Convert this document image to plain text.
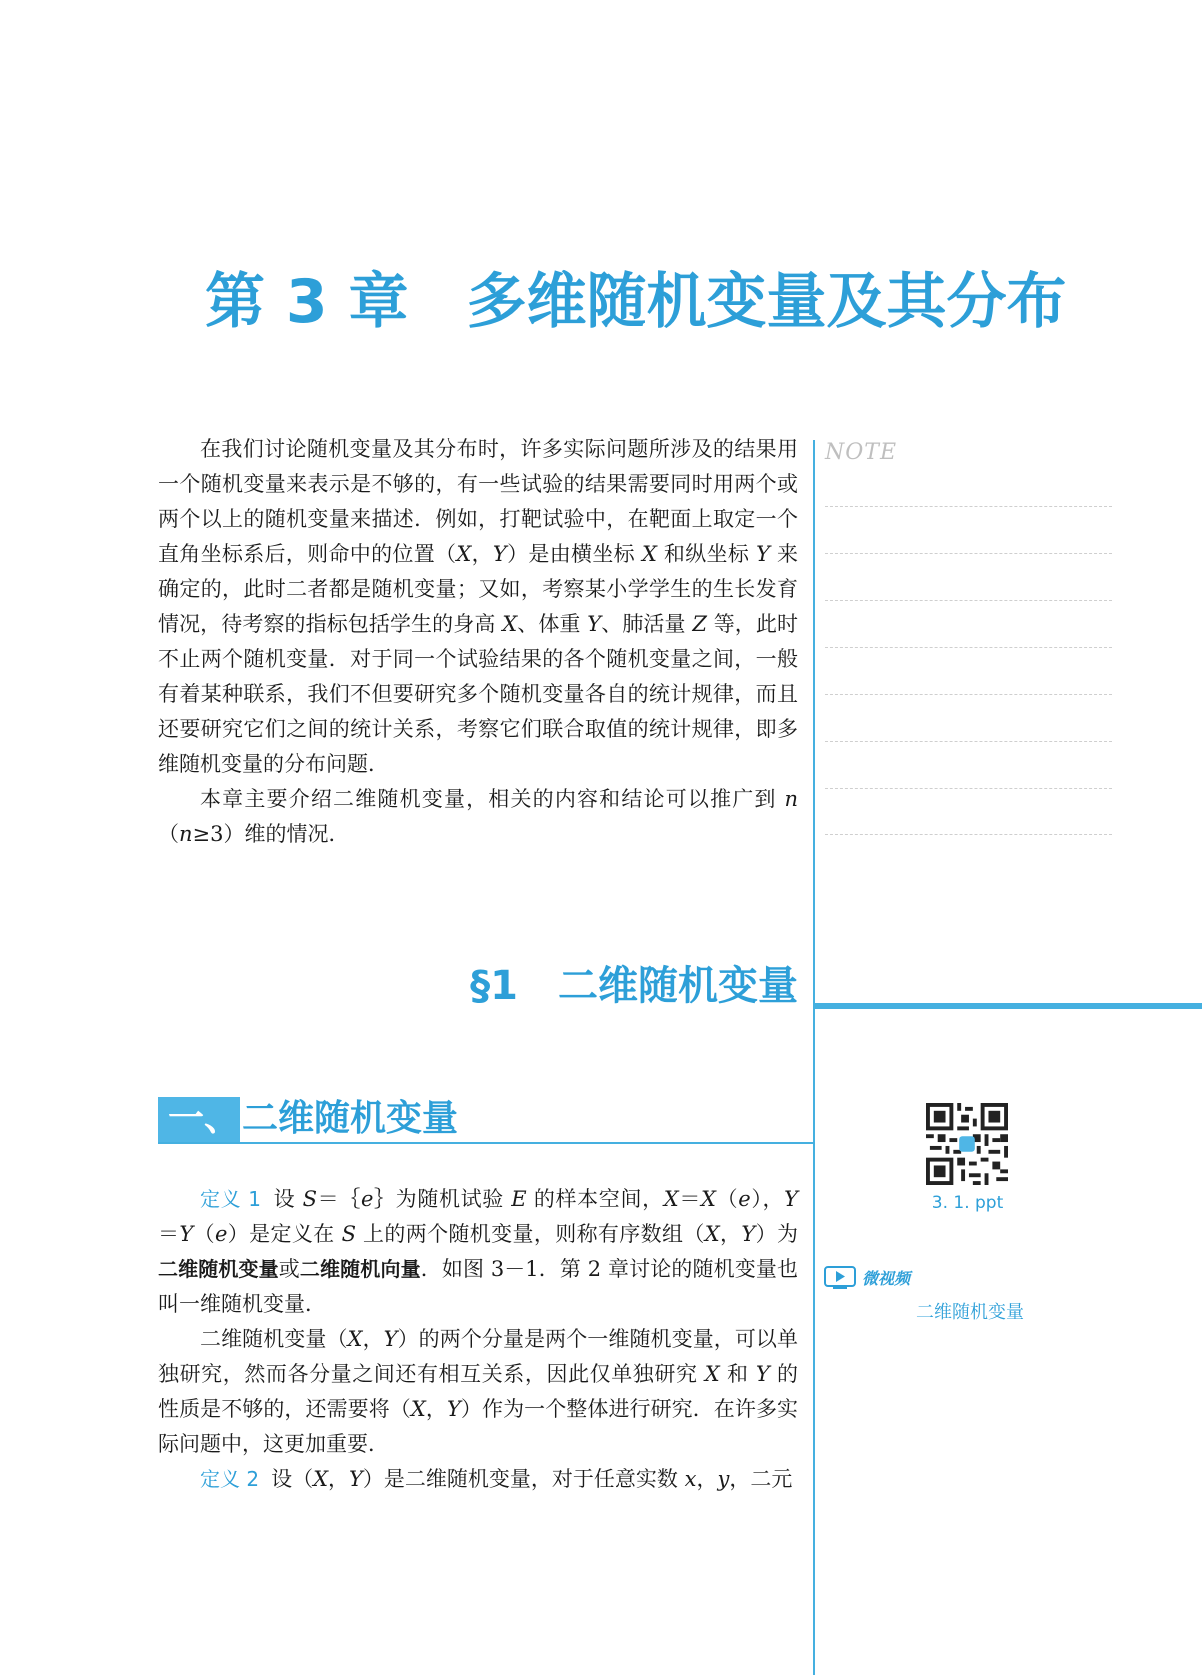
第 3 章 多维随机变量及其分布

在我们讨论随机变量及其分布时，许多实际问题所涉及的结果用一个随机变量来表示是不够的，有一些试验的结果需要同时用两个或两个以上的随机变量来描述．例如，打靶试验中，在靶面上取定一个直角坐标系后，则命中的位置（X，Y）是由横坐标 X 和纵坐标 Y 来确定的，此时二者都是随机变量；又如，考察某小学学生的生长发育情况，待考察的指标包括学生的身高 X、体重 Y、肺活量 Z 等，此时不止两个随机变量．对于同一个试验结果的各个随机变量之间，一般有着某种联系，我们不但要研究多个随机变量各自的统计规律，而且还要研究它们之间的统计关系，考察它们联合取值的统计规律，即多维随机变量的分布问题．

本章主要介绍二维随机变量，相关的内容和结论可以推广到 n（n≥3）维的情况．

NOTE
§1 二维随机变量
一、二维随机变量

定义 1 设 S＝｛e｝为随机试验 E 的样本空间，X＝X（e），Y＝Y（e）是定义在 S 上的两个随机变量，则称有序数组（X，Y）为二维随机变量或二维随机向量．如图 3－1．第 2 章讨论的随机变量也叫一维随机变量．

二维随机变量（X，Y）的两个分量是两个一维随机变量，可以单独研究，然而各分量之间还有相互关系，因此仅单独研究 X 和 Y 的性质是不够的，还需要将（X，Y）作为一个整体进行研究．在许多实际问题中，这更加重要．

定义 2 设（X，Y）是二维随机变量，对于任意实数 x，y，二元

3. 1. ppt
微视频
二维随机变量
